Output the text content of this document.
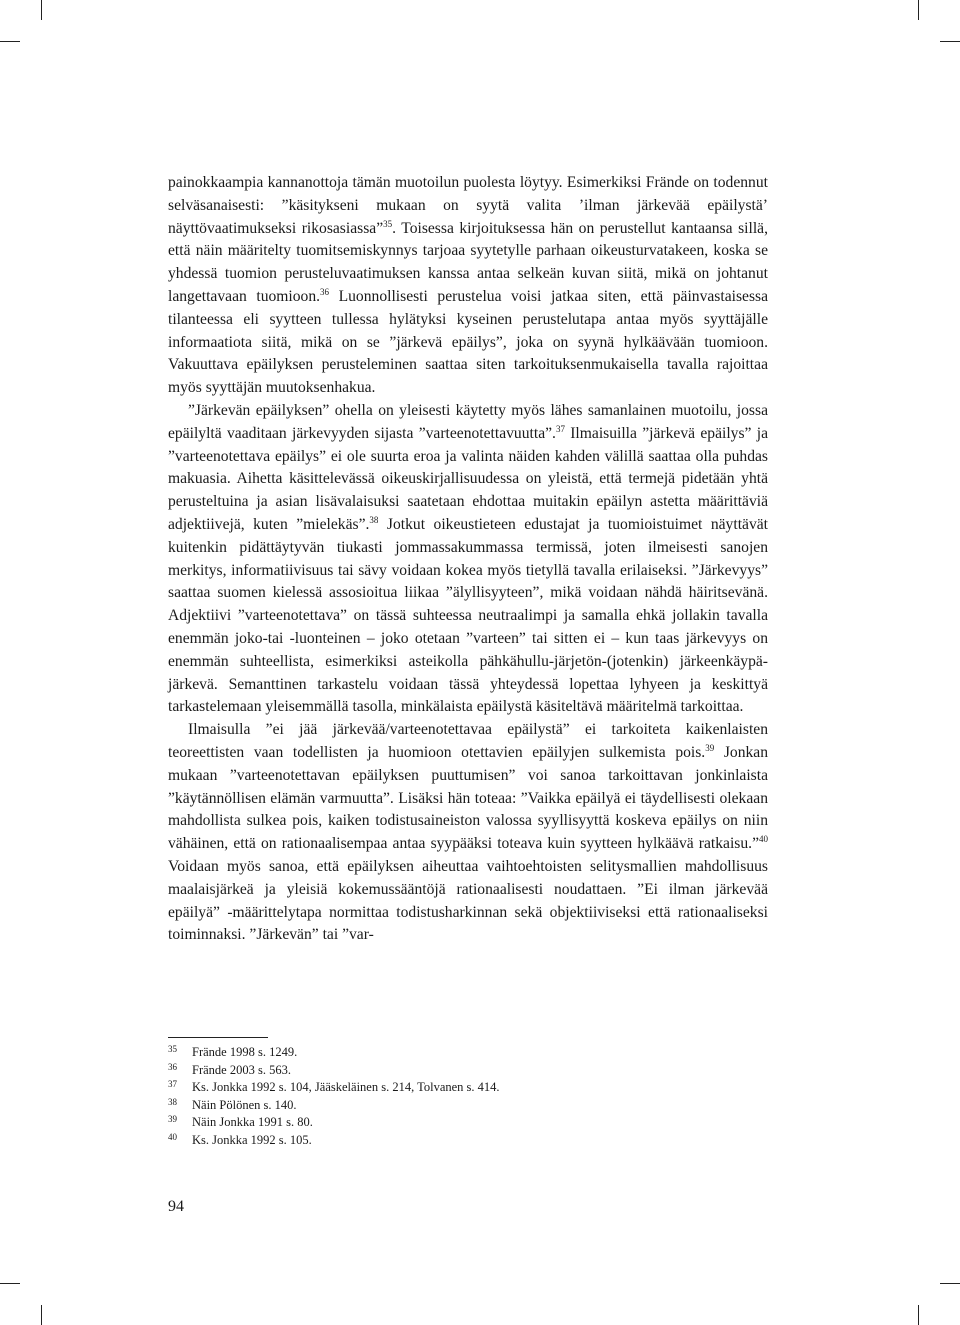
painokkaampia kannanottoja tämän muotoilun puolesta löytyy. Esimerkiksi Frände on todennut selväsanaisesti: ”käsitykseni mukaan on syytä valita ’ilman järkevää epäilystä’ näyttövaatimukseksi rikosasiassa”$^{35}$. Toisessa kirjoituksessa hän on perustellut kantaansa sillä, että näin määritelty tuomitsemiskynnys tarjoaa syytetylle parhaan oikeusturvatakeen, koska se yhdessä tuomion perusteluvaatimuksen kanssa antaa selkeän kuvan siitä, mikä on johtanut langettavaan tuomioon.$^{36}$ Luonnollisesti perustelua voisi jatkaa siten, että päinvastaisessa tilanteessa eli syytteen tullessa hylätyksi kyseinen perustelutapa antaa myös syyttäjälle informaatiota siitä, mikä on se ”järkevä epäilys”, joka on syynä hylkäävään tuomioon. Vakuuttava epäilyksen perusteleminen saattaa siten tarkoituksenmukaisella tavalla rajoittaa myös syyttäjän muutoksenhakua.

”Järkevän epäilyksen” ohella on yleisesti käytetty myös lähes samanlainen muotoilu, jossa epäilyltä vaaditaan järkevyyden sijasta ”varteenotettavuutta”.$^{37}$ Ilmaisuilla ”järkevä epäilys” ja ”varteenotettava epäilys” ei ole suurta eroa ja valinta näiden kahden välillä saattaa olla puhdas makuasia. Aihetta käsittelevässä oikeuskirjallisuudessa on yleistä, että termejä pidetään yhtä perusteltuina ja asian lisävalaisuksi saatetaan ehdottaa muitakin epäilyn astetta määrittäviä adjektiivejä, kuten ”mielekäs”.$^{38}$ Jotkut oikeustieteen edustajat ja tuomioistuimet näyttävät kuitenkin pidättäytyvän tiukasti jommassakummassa termissä, joten ilmeisesti sanojen merkitys, informatiivisuus tai sävy voidaan kokea myös tietyllä tavalla erilaiseksi. ”Järkevyys” saattaa suomen kielessä assosioitua liikaa ”älyllisyyteen”, mikä voidaan nähdä häiritsevänä. Adjektiivi ”varteenotettava” on tässä suhteessa neutraalimpi ja samalla ehkä jollakin tavalla enemmän joko-tai -luonteinen – joko otetaan ”varteen” tai sitten ei – kun taas järkevyys on enemmän suhteellista, esimerkiksi asteikolla pähkähullu-järjetön-(jotenkin) järkeenkäypä-järkevä. Semanttinen tarkastelu voidaan tässä yhteydessä lopettaa lyhyeen ja keskittyä tarkastelemaan yleisemmällä tasolla, minkälaista epäilystä käsiteltävä määritelmä tarkoittaa.

Ilmaisulla ”ei jää järkevää/varteenotettavaa epäilystä” ei tarkoiteta kaikenlaisten teoreettisten vaan todellisten ja huomioon otettavien epäilyjen sulkemista pois.$^{39}$ Jonkan mukaan ”varteenotettavan epäilyksen puuttumisen” voi sanoa tarkoittavan jonkinlaista ”käytännöllisen elämän varmuutta”. Lisäksi hän toteaa: ”Vaikka epäilyä ei täydellisesti olekaan mahdollista sulkea pois, kaiken todistusaineiston valossa syyllisyyttä koskeva epäilys on niin vähäinen, että on rationaalisempaa antaa syypääksi toteava kuin syytteen hylkäävä ratkaisu.”$^{40}$ Voidaan myös sanoa, että epäilyksen aiheuttaa vaihtoehtoisten selitysmallien mahdollisuus maalaisjärkeä ja yleisiä kokemussääntöjä rationaalisesti noudattaen. ”Ei ilman järkevää epäilyä” -määrittelytapa normittaa todistusharkinnan sekä objektiiviseksi että rationaaliseksi toiminnaksi. ”Järkevän” tai ”var-

35	Frände 1998 s. 1249.
36	Frände 2003 s. 563.
37	Ks. Jonkka 1992 s. 104, Jääskeläinen s. 214, Tolvanen s. 414.
38	Näin Pölönen s. 140.
39	Näin Jonkka 1991 s. 80.
40	Ks. Jonkka 1992 s. 105.
94
